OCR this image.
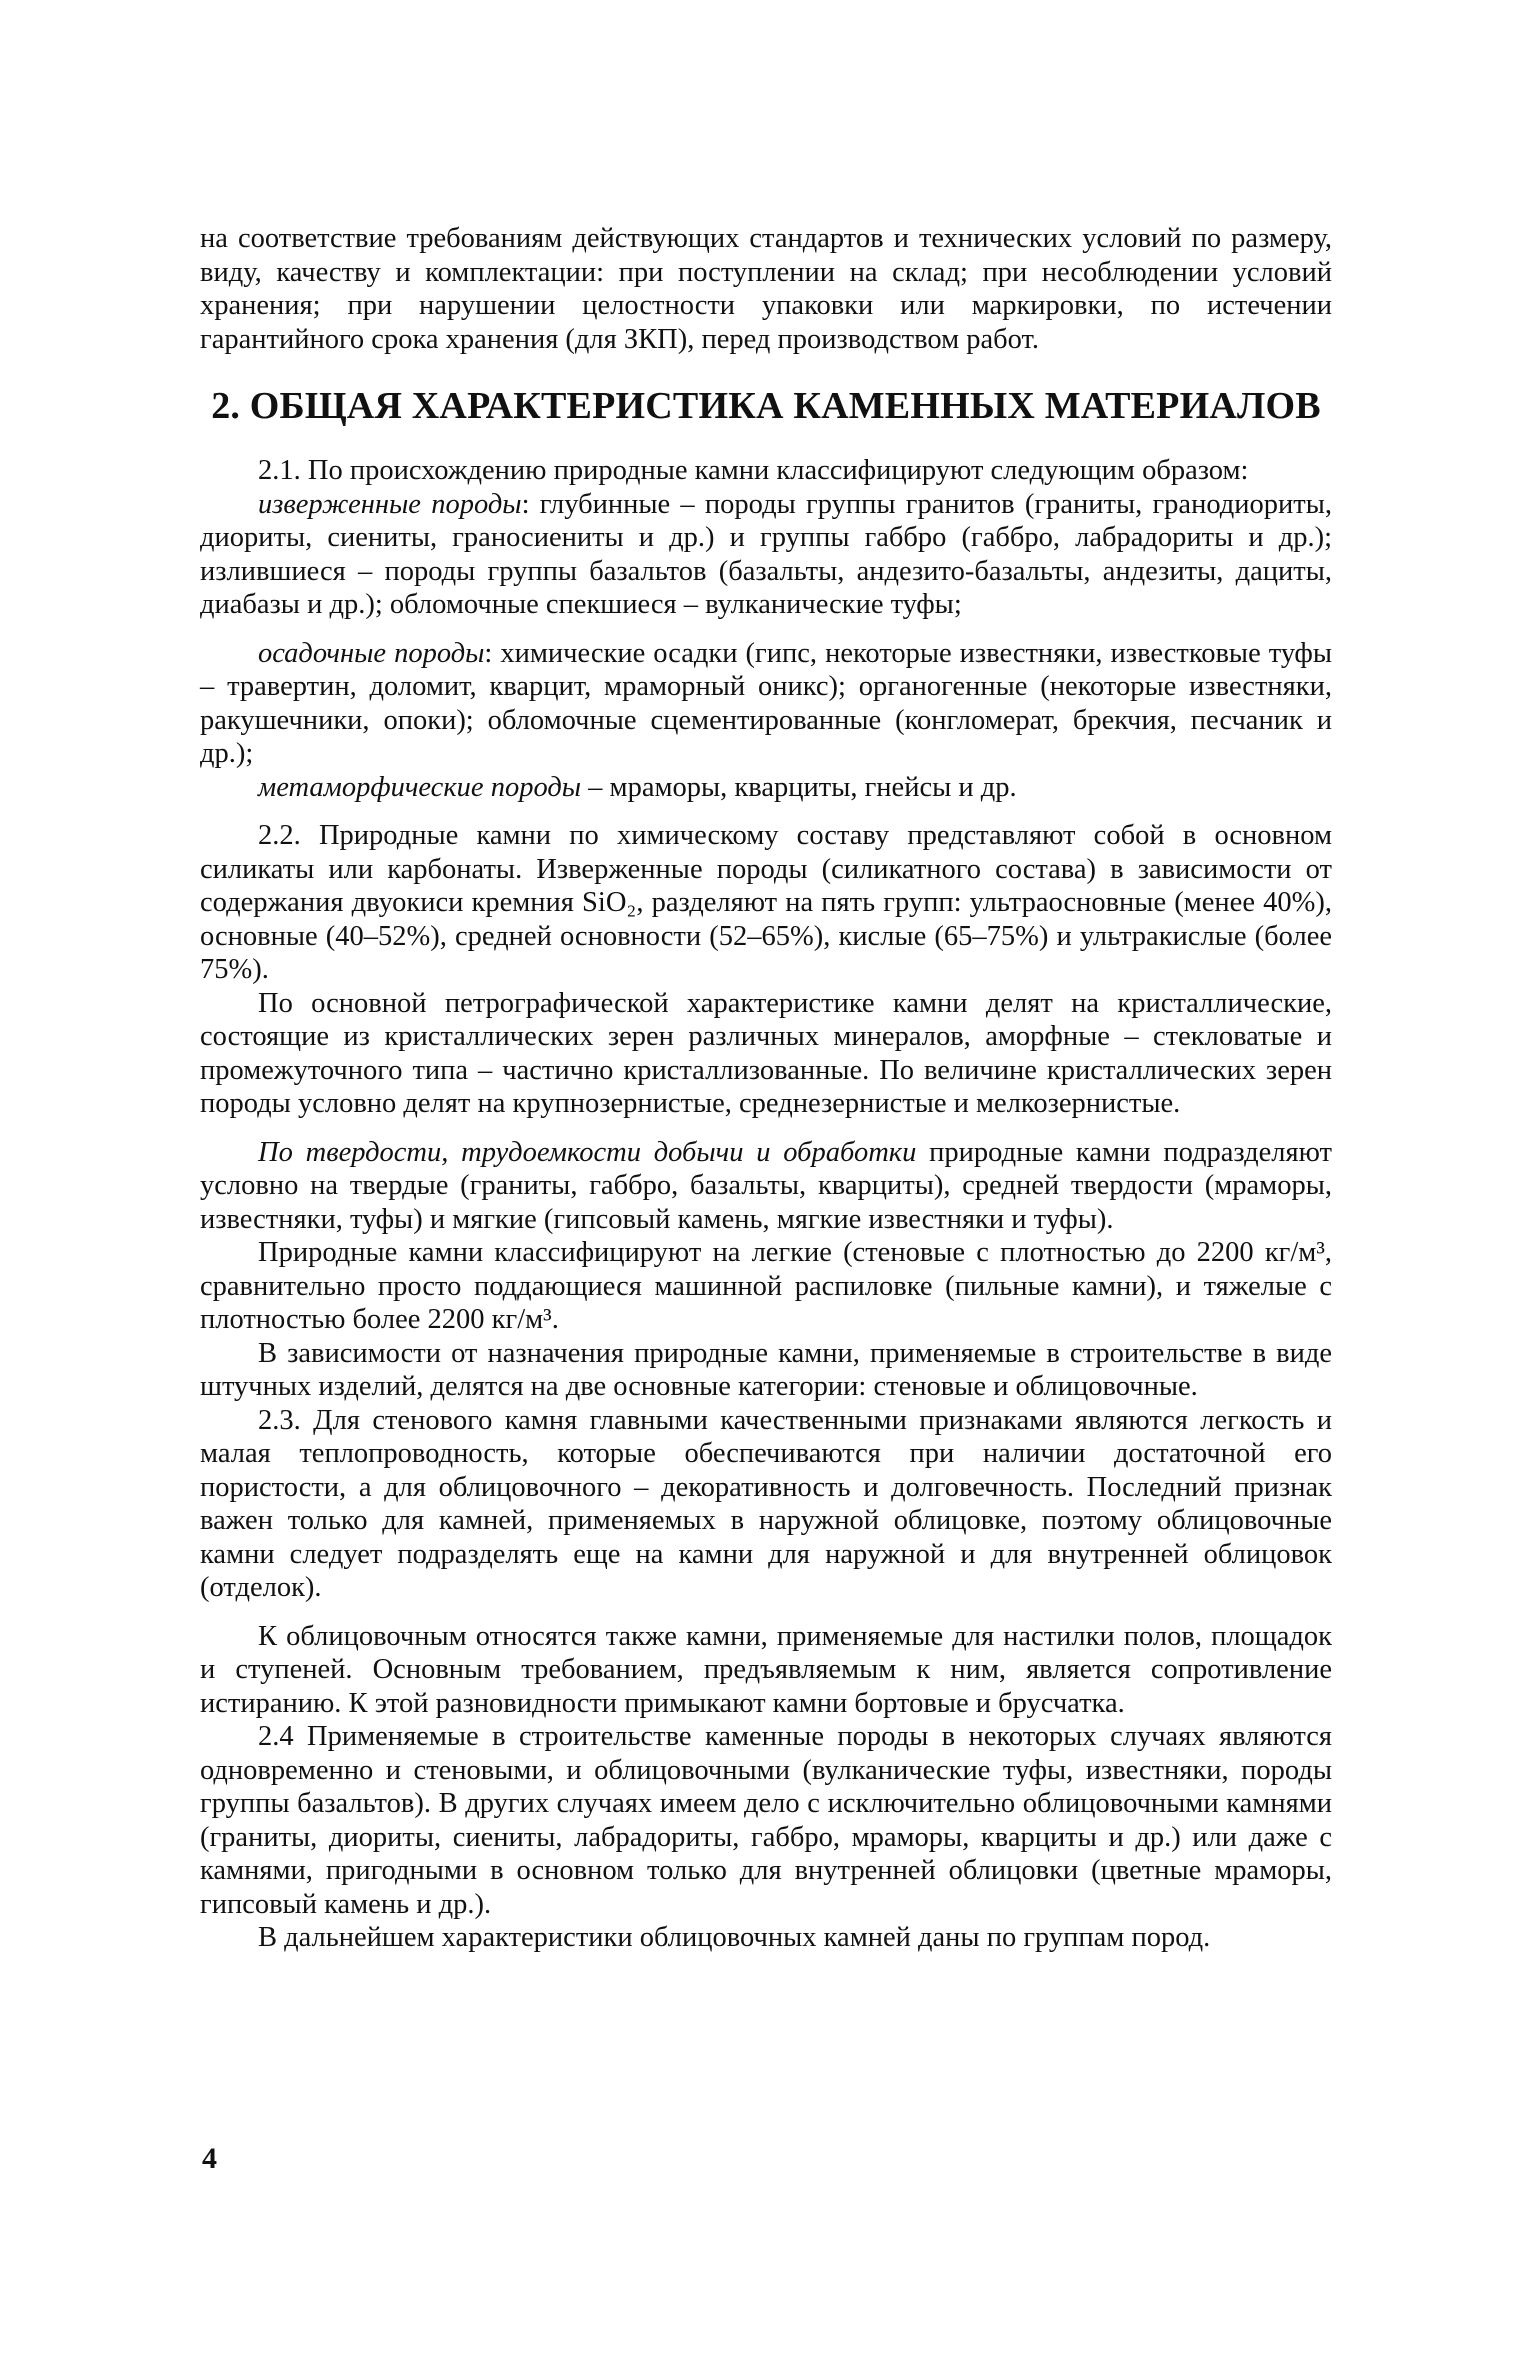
на соответствие требованиям действующих стандартов и технических условий по размеру, виду, качеству и комплектации: при поступлении на склад; при несоблюдении условий хранения; при нарушении целостности упаковки или маркировки, по истечении гарантийного срока хранения (для ЗКП), перед производством работ.

2. ОБЩАЯ ХАРАКТЕРИСТИКА КАМЕННЫХ МАТЕРИАЛОВ

2.1. По происхождению природные камни классифицируют следующим образом:

изверженные породы: глубинные – породы группы гранитов (граниты, гранодиориты, диориты, сиениты, граносиениты и др.) и группы габбро (габбро, лабрадориты и др.); излившиеся – породы группы базальтов (базальты, андезито-базальты, андезиты, дациты, диабазы и др.); обломочные спекшиеся – вулканические туфы;

осадочные породы: химические осадки (гипс, некоторые известняки, известковые туфы – травертин, доломит, кварцит, мраморный оникс); органогенные (некоторые известняки, ракушечники, опоки); обломочные сцементированные (конгломерат, брекчия, песчаник и др.);

метаморфические породы – мраморы, кварциты, гнейсы и др.

2.2. Природные камни по химическому составу представляют собой в основном силикаты или карбонаты. Изверженные породы (силикатного состава) в зависимости от содержания двуокиси кремния SiO₂, разделяют на пять групп: ультраосновные (менее 40%), основные (40–52%), средней основности (52–65%), кислые (65–75%) и ультракислые (более 75%).

По основной петрографической характеристике камни делят на кристаллические, состоящие из кристаллических зерен различных минералов, аморфные – стекловатые и промежуточного типа – частично кристаллизованные. По величине кристаллических зерен породы условно делят на крупнозернистые, среднезернистые и мелкозернистые.

По твердости, трудоемкости добычи и обработки природные камни подразделяют условно на твердые (граниты, габбро, базальты, кварциты), средней твердости (мраморы, известняки, туфы) и мягкие (гипсовый камень, мягкие известняки и туфы).

Природные камни классифицируют на легкие (стеновые с плотностью до 2200 кг/м³, сравнительно просто поддающиеся машинной распиловке (пильные камни), и тяжелые с плотностью более 2200 кг/м³.

В зависимости от назначения природные камни, применяемые в строительстве в виде штучных изделий, делятся на две основные категории: стеновые и облицовочные.

2.3. Для стенового камня главными качественными признаками являются легкость и малая теплопроводность, которые обеспечиваются при наличии достаточной его пористости, а для облицовочного – декоративность и долговечность. Последний признак важен только для камней, применяемых в наружной облицовке, поэтому облицовочные камни следует подразделять еще на камни для наружной и для внутренней облицовок (отделок).

К облицовочным относятся также камни, применяемые для настилки полов, площадок и ступеней. Основным требованием, предъявляемым к ним, является сопротивление истиранию. К этой разновидности примыкают камни бортовые и брусчатка.

2.4 Применяемые в строительстве каменные породы в некоторых случаях являются одновременно и стеновыми, и облицовочными (вулканические туфы, известняки, породы группы базальтов). В других случаях имеем дело с исключительно облицовочными камнями (граниты, диориты, сиениты, лабрадориты, габбро, мраморы, кварциты и др.) или даже с камнями, пригодными в основном только для внутренней облицовки (цветные мраморы, гипсовый камень и др.).

В дальнейшем характеристики облицовочных камней даны по группам пород.

4
